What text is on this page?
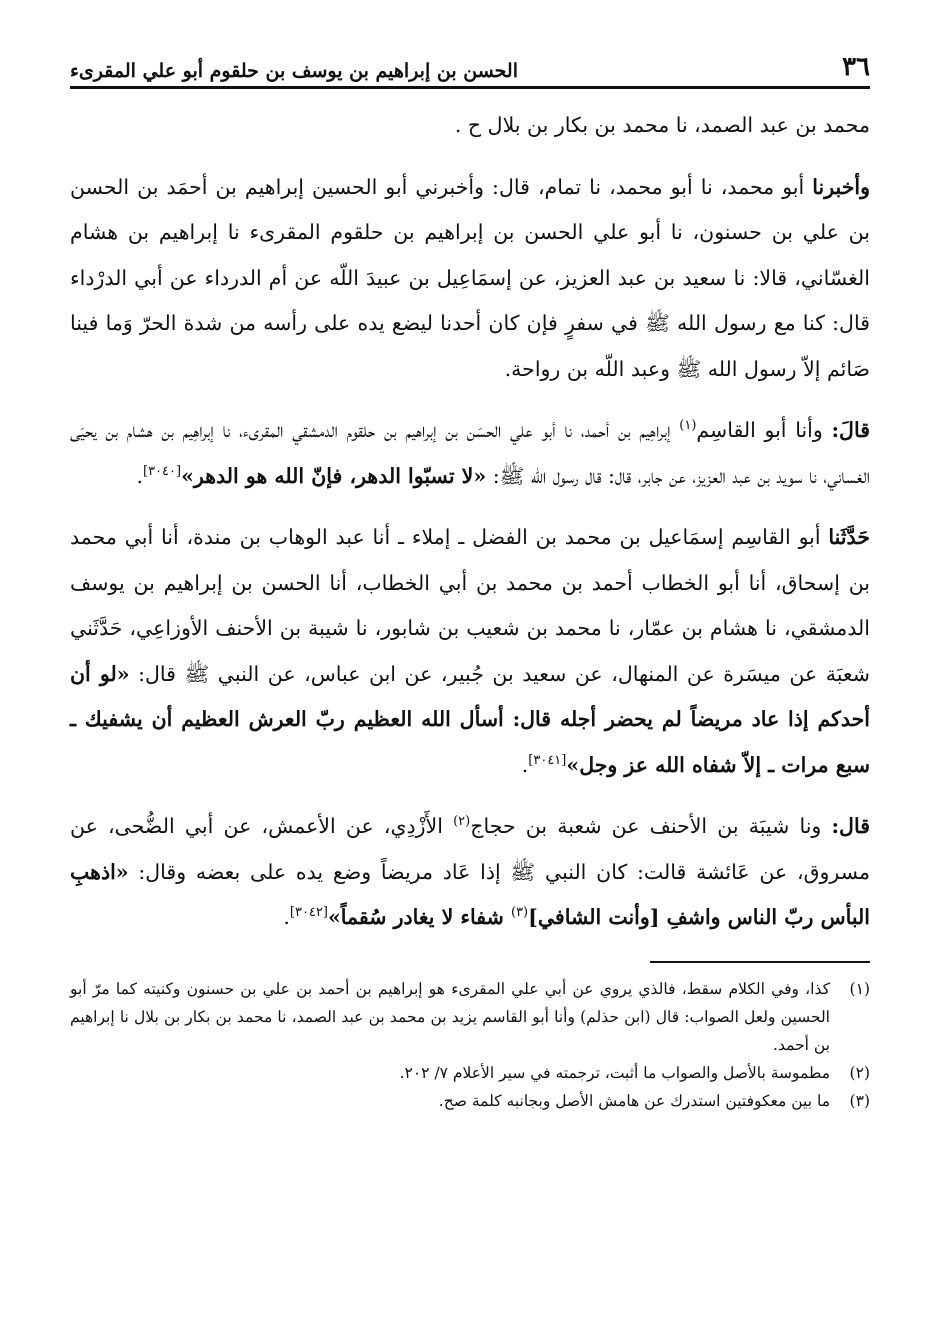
٣٦
الحسن بن إبراهيم بن يوسف بن حلقوم أبو علي المقرىء

محمد بن عبد الصمد، نا محمد بن بكار بن بلال ح .

وأخبرنا أبو محمد، نا أبو محمد، نا تمام، قال: وأخبرني أبو الحسين إبراهيم بن أحمَد بن الحسن بن علي بن حسنون، نا أبو علي الحسن بن إبراهيم بن حلقوم المقرىء نا إبراهيم بن هشام الغسّاني، قالا: نا سعيد بن عبد العزيز، عن إسمَاعِيل بن عبيدَ اللّه عن أم الدرداء عن أبي الدرْداء قال: كنا مع رسول الله ﷺ في سفرٍ فإن كان أحدنا ليضع يده على رأسه من شدة الحرّ وَما فينا صَائم إلاّ رسول الله ﷺ وعبد اللّه بن رواحة.

قالَ: وأنا أبو القاسِم$^{(١)}$ إبراهِيم بن أحمد، نا أبو علي الحسَن بن إبراهيم بن حلقوم الدمشقي المقرىء، نا إبراهِيم بن هشام بن يحيَى الغساني، نا سويد بن عبد العزيز، عن جابر، قال: قال رسول الله ﷺ: «لا تسبّوا الدهر، فإنّ الله هو الدهر»[٣٠٤٠].

حَدَّثَنا أبو القاسِم إسمَاعيل بن محمد بن الفضل ـ إملاء ـ أنا عبد الوهاب بن مندة، أنا أبي محمد بن إسحاق، أنا أبو الخطاب أحمد بن محمد بن أبي الخطاب، أنا الحسن بن إبراهيم بن يوسف الدمشقي، نا هشام بن عمّار، نا محمد بن شعيب بن شابور، نا شيبة بن الأحنف الأوزاعِي، حَدَّثَني شعبَة عن ميسَرة عن المنهال، عن سعيد بن جُبير، عن ابن عباس، عن النبي ﷺ قال: «لو أن أحدكم إذا عاد مريضاً لم يحضر أجله قال: أسأل الله العظيم ربّ العرش العظيم أن يشفيك ـ سبع مرات ـ إلاّ شفاه الله عز وجل»[٣٠٤١].

قال: ونا شيبَة بن الأحنف عن شعبة بن حجاج$^{(٢)}$ الأَزْدِي، عن الأعمش، عن أبي الضُّحى، عن مسروق، عن عَائشة قالت: كان النبي ﷺ إذا عَاد مريضاً وضع يده على بعضه وقال: «اذهبِ البأس ربّ الناس واشفِ [وأنت الشافي]$^{(٣)}$ شفاء لا يغادر سُقماً»[٣٠٤٢].

(١)
كذا، وفي الكلام سقط، فالذي يروي عن أبي علي المقرىء هو إبراهيم بن أحمد بن علي بن حسنون وكنيته كما مرّ أبو الحسين ولعل الصواب: قال (ابن حذلم) وأنا أبو القاسم يزيد بن محمد بن عبد الصمد، نا محمد بن بكار بن بلال نا إبراهيم بن أحمد.
(٢)
مطموسة بالأصل والصواب ما أثبت، ترجمته في سير الأعلام ٧/ ٢٠٢.
(٣)
ما بين معكوفتين استدرك عن هامش الأصل وبجانبه كلمة صح.
